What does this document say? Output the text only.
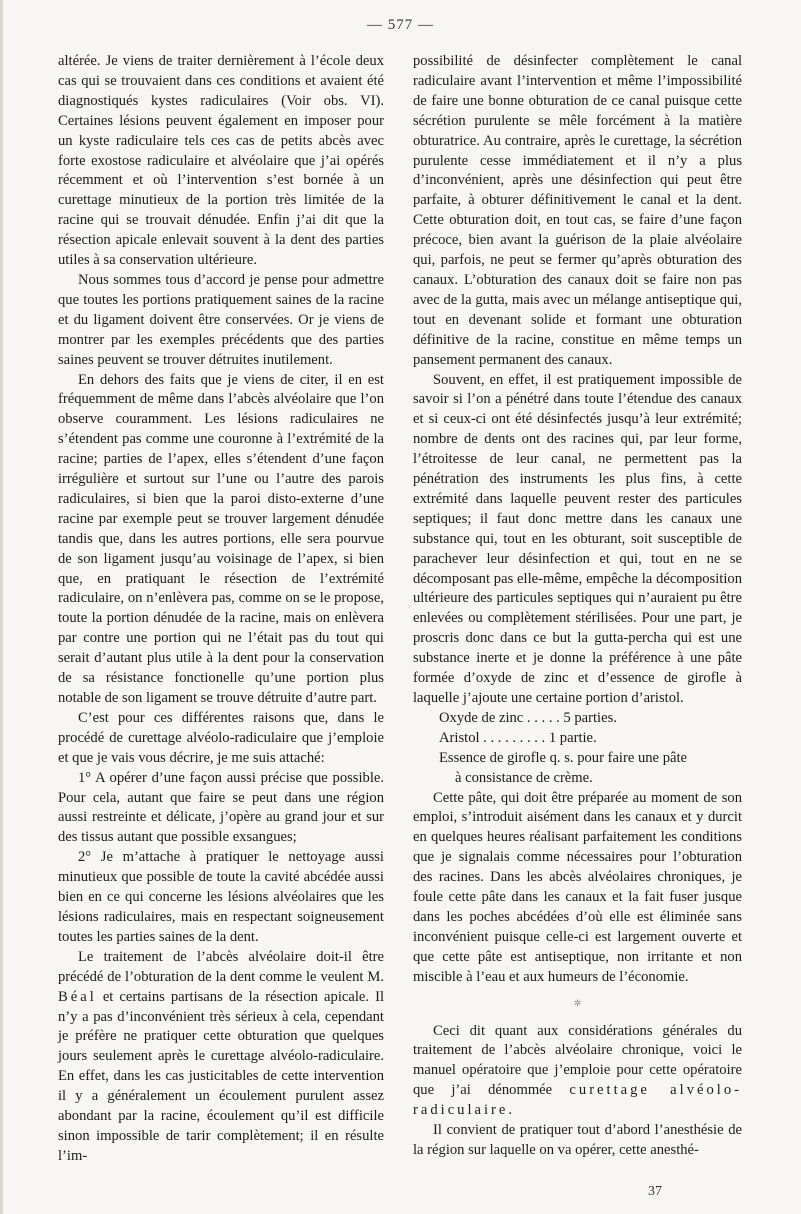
— 577 —

altérée. Je viens de traiter dernièrement à l’école deux cas qui se trouvaient dans ces conditions et avaient été diagnostiqués kystes radiculaires (Voir obs. VI). Certaines lésions peuvent également en imposer pour un kyste radiculaire tels ces cas de petits abcès avec forte exostose radiculaire et alvéolaire que j’ai opérés récemment et où l’intervention s’est bornée à un curettage minutieux de la portion très limitée de la racine qui se trouvait dénudée. Enfin j’ai dit que la résection apicale enlevait souvent à la dent des parties utiles à sa conservation ultérieure.

Nous sommes tous d’accord je pense pour admettre que toutes les portions pratiquement saines de la racine et du ligament doivent être conservées. Or je viens de montrer par les exemples précédents que des parties saines peuvent se trouver détruites inutilement.

En dehors des faits que je viens de citer, il en est fréquemment de même dans l’abcès alvéolaire que l’on observe couramment. Les lésions radiculaires ne s’étendent pas comme une couronne à l’extrémité de la racine; parties de l’apex, elles s’étendent d’une façon irrégulière et surtout sur l’une ou l’autre des parois radiculaires, si bien que la paroi disto-externe d’une racine par exemple peut se trouver largement dénudée tandis que, dans les autres portions, elle sera pourvue de son ligament jusqu’au voisinage de l’apex, si bien que, en pratiquant le résection de l’extrémité radiculaire, on n’enlèvera pas, comme on se le propose, toute la portion dénudée de la racine, mais on enlèvera par contre une portion qui ne l’était pas du tout qui serait d’autant plus utile à la dent pour la conservation de sa résistance fonctionelle qu’une portion plus notable de son ligament se trouve détruite d’autre part.

C’est pour ces différentes raisons que, dans le procédé de curettage alvéolo-radiculaire que j’emploie et que je vais vous décrire, je me suis attaché:

1° A opérer d’une façon aussi précise que possible. Pour cela, autant que faire se peut dans une région aussi restreinte et délicate, j’opère au grand jour et sur des tissus autant que possible exsangues;

2° Je m’attache à pratiquer le nettoyage aussi minutieux que possible de toute la cavité abcédée aussi bien en ce qui concerne les lésions alvéolaires que les lésions radiculaires, mais en respectant soigneusement toutes les parties saines de la dent.

Le traitement de l’abcès alvéolaire doit-il être précédé de l’obturation de la dent comme le veulent M. Béal et certains partisans de la résection apicale. Il n’y a pas d’inconvénient très sérieux à cela, cependant je préfère ne pratiquer cette obturation que quelques jours seulement après le curettage alvéolo-radiculaire. En effet, dans les cas justicitables de cette intervention il y a généralement un écoulement purulent assez abondant par la racine, écoulement qu’il est difficile sinon impossible de tarir complètement; il en résulte l’im-

possibilité de désinfecter complètement le canal radiculaire avant l’intervention et même l’impossibilité de faire une bonne obturation de ce canal puisque cette sécrétion purulente se mêle forcément à la matière obturatrice. Au contraire, après le curettage, la sécrétion purulente cesse immédiatement et il n’y a plus d’inconvénient, après une désinfection qui peut être parfaite, à obturer définitivement le canal et la dent. Cette obturation doit, en tout cas, se faire d’une façon précoce, bien avant la guérison de la plaie alvéolaire qui, parfois, ne peut se fermer qu’après obturation des canaux. L’obturation des canaux doit se faire non pas avec de la gutta, mais avec un mélange antiseptique qui, tout en devenant solide et formant une obturation définitive de la racine, constitue en même temps un pansement permanent des canaux.

Souvent, en effet, il est pratiquement impossible de savoir si l’on a pénétré dans toute l’étendue des canaux et si ceux-ci ont été désinfectés jusqu’à leur extrémité; nombre de dents ont des racines qui, par leur forme, l’étroitesse de leur canal, ne permettent pas la pénétration des instruments les plus fins, à cette extrémité dans laquelle peuvent rester des particules septiques; il faut donc mettre dans les canaux une substance qui, tout en les obturant, soit susceptible de parachever leur désinfection et qui, tout en ne se décomposant pas elle-même, empêche la décomposition ultérieure des particules septiques qui n’auraient pu être enlevées ou complètement stérilisées. Pour une part, je proscris donc dans ce but la gutta-percha qui est une substance inerte et je donne la préférence à une pâte formée d’oxyde de zinc et d’essence de girofle à laquelle j’ajoute une certaine portion d’aristol.

Oxyde de zinc . . . . . 5 parties.
Aristol . . . . . . . . . 1 partie.
Essence de girofle q. s. pour faire une pâte
à consistance de crème.

Cette pâte, qui doit être préparée au moment de son emploi, s’introduit aisément dans les canaux et y durcit en quelques heures réalisant parfaitement les conditions que je signalais comme nécessaires pour l’obturation des racines. Dans les abcès alvéolaires chroniques, je foule cette pâte dans les canaux et la fait fuser jusque dans les poches abcédées d’où elle est éliminée sans inconvénient puisque celle-ci est largement ouverte et que cette pâte est antiseptique, non irritante et non miscible à l’eau et aux humeurs de l’économie.

✲

Ceci dit quant aux considérations générales du traitement de l’abcès alvéolaire chronique, voici le manuel opératoire que j’emploie pour cette opératoire que j’ai dénommée curettage alvéolo-radiculaire.

Il convient de pratiquer tout d’abord l’anesthésie de la région sur laquelle on va opérer, cette anesthé-

37
